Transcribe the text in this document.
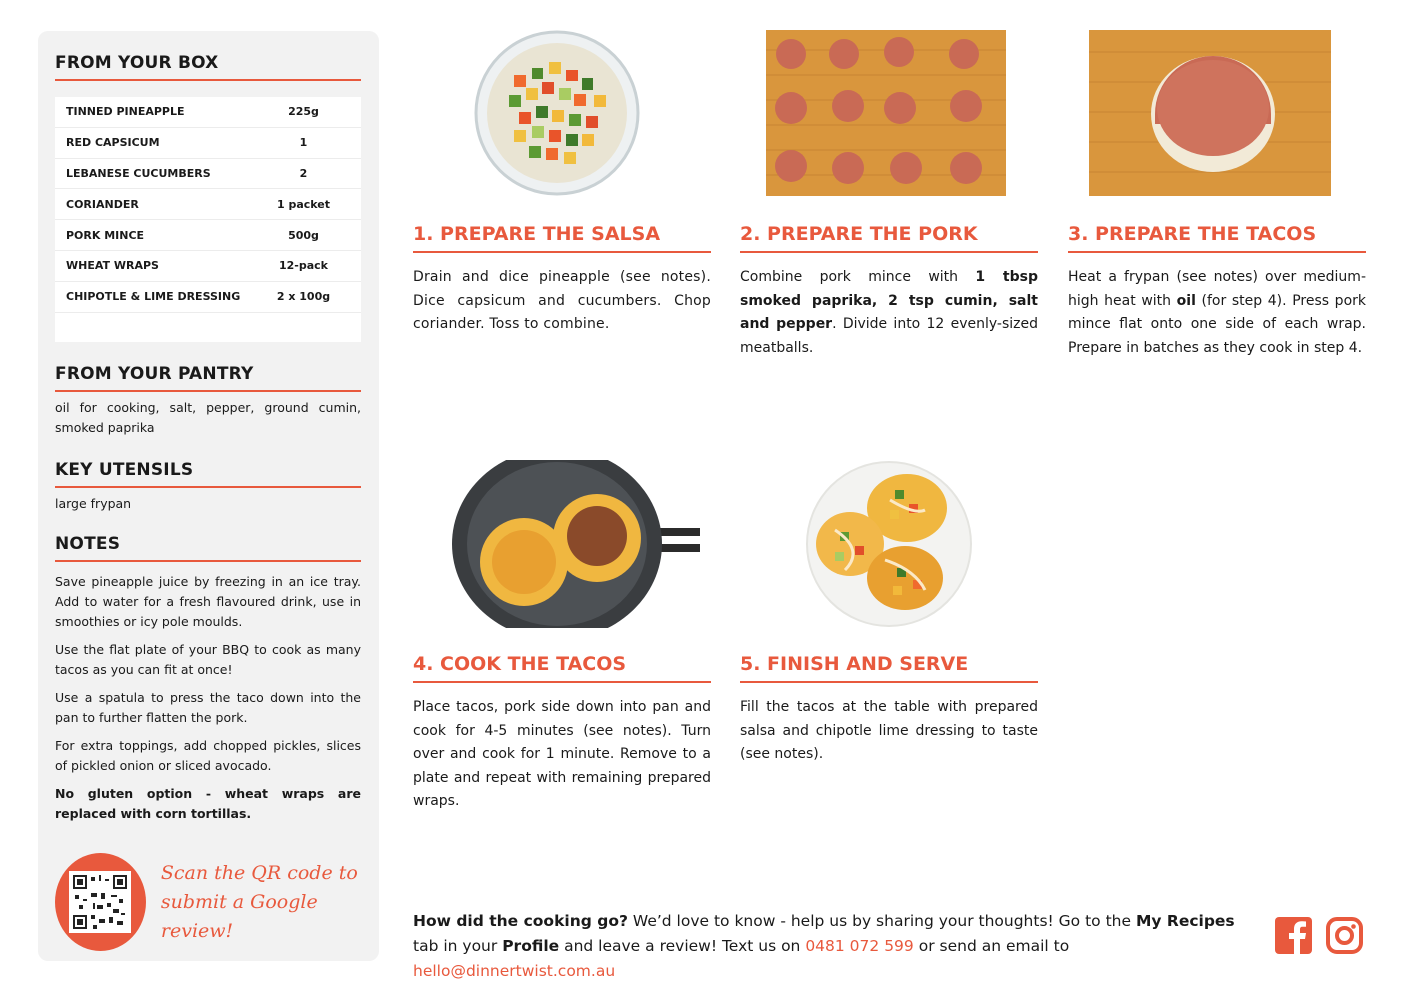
FROM YOUR BOX
TINNED PINEAPPLE	225g
RED CAPSICUM	1
LEBANESE CUCUMBERS	2
CORIANDER	1 packet
PORK MINCE	500g
WHEAT WRAPS	12-pack
CHIPOTLE & LIME DRESSING	2 x 100g
FROM YOUR PANTRY
oil for cooking, salt, pepper, ground cumin, smoked paprika
KEY UTENSILS
large frypan
NOTES

Save pineapple juice by freezing in an ice tray. Add to water for a fresh flavoured drink, use in smoothies or icy pole moulds.

Use the flat plate of your BBQ to cook as many tacos as you can fit at once!

Use a spatula to press the taco down into the pan to further flatten the pork.

For extra toppings, add chopped pickles, slices of pickled onion or sliced avocado.

No gluten option - wheat wraps are replaced with corn tortillas.

Scan the QR code to
submit a Google review!
1. PREPARE THE SALSA
Drain and dice pineapple (see notes). Dice capsicum and cucumbers. Chop coriander. Toss to combine.
2. PREPARE THE PORK
Combine pork mince with 1 tbsp smoked paprika, 2 tsp cumin, salt and pepper. Divide into 12 evenly-sized meatballs.
3. PREPARE THE TACOS
Heat a frypan (see notes) over medium-high heat with oil (for step 4). Press pork mince flat onto one side of each wrap. Prepare in batches as they cook in step 4.
4. COOK THE TACOS
Place tacos, pork side down into pan and cook for 4-5 minutes (see notes). Turn over and cook for 1 minute. Remove to a plate and repeat with remaining prepared wraps.
5. FINISH AND SERVE
Fill the tacos at the table with prepared salsa and chipotle lime dressing to taste (see notes).
How did the cooking go? We’d love to know - help us by sharing your thoughts! Go to the My Recipes tab in your Profile and leave a review! Text us on 0481 072 599 or send an email to hello@dinnertwist.com.au
